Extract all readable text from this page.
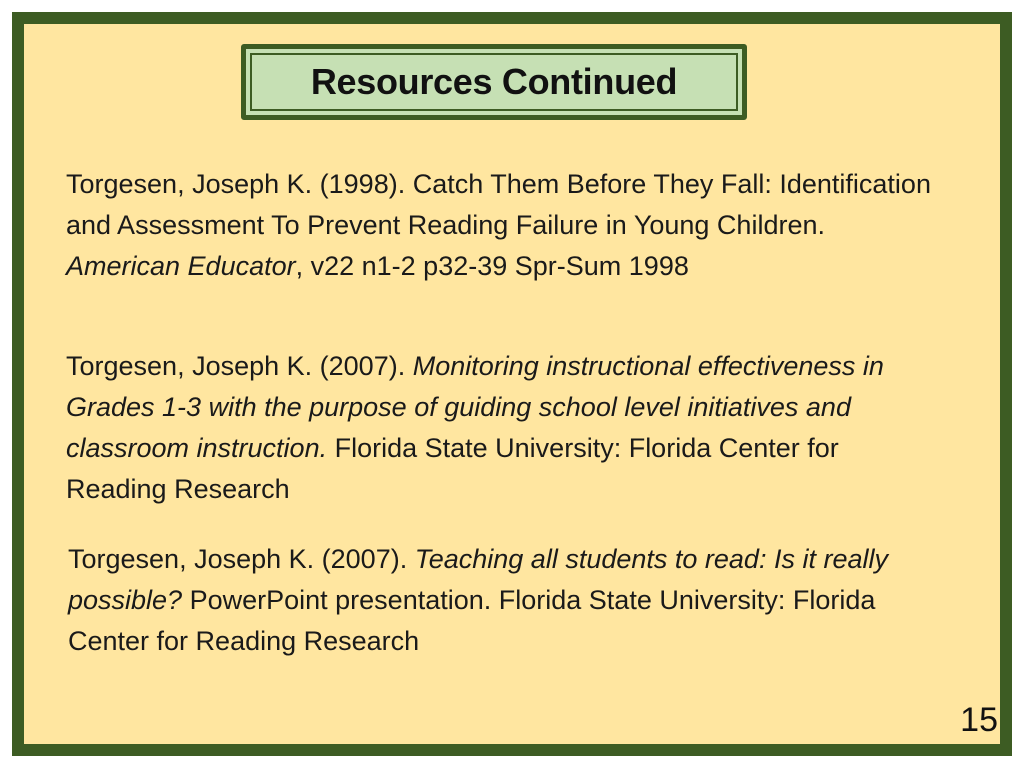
Resources Continued

Torgesen, Joseph K. (1998). Catch Them Before They Fall: Identification and Assessment To Prevent Reading Failure in Young Children. American Educator, v22 n1-2 p32-39 Spr-Sum 1998

Torgesen, Joseph K. (2007). Monitoring instructional effectiveness in Grades 1-3 with the purpose of guiding school level initiatives and classroom instruction. Florida State University: Florida Center for Reading Research

Torgesen, Joseph K. (2007). Teaching all students to read: Is it really possible? PowerPoint presentation. Florida State University: Florida Center for Reading Research

15
